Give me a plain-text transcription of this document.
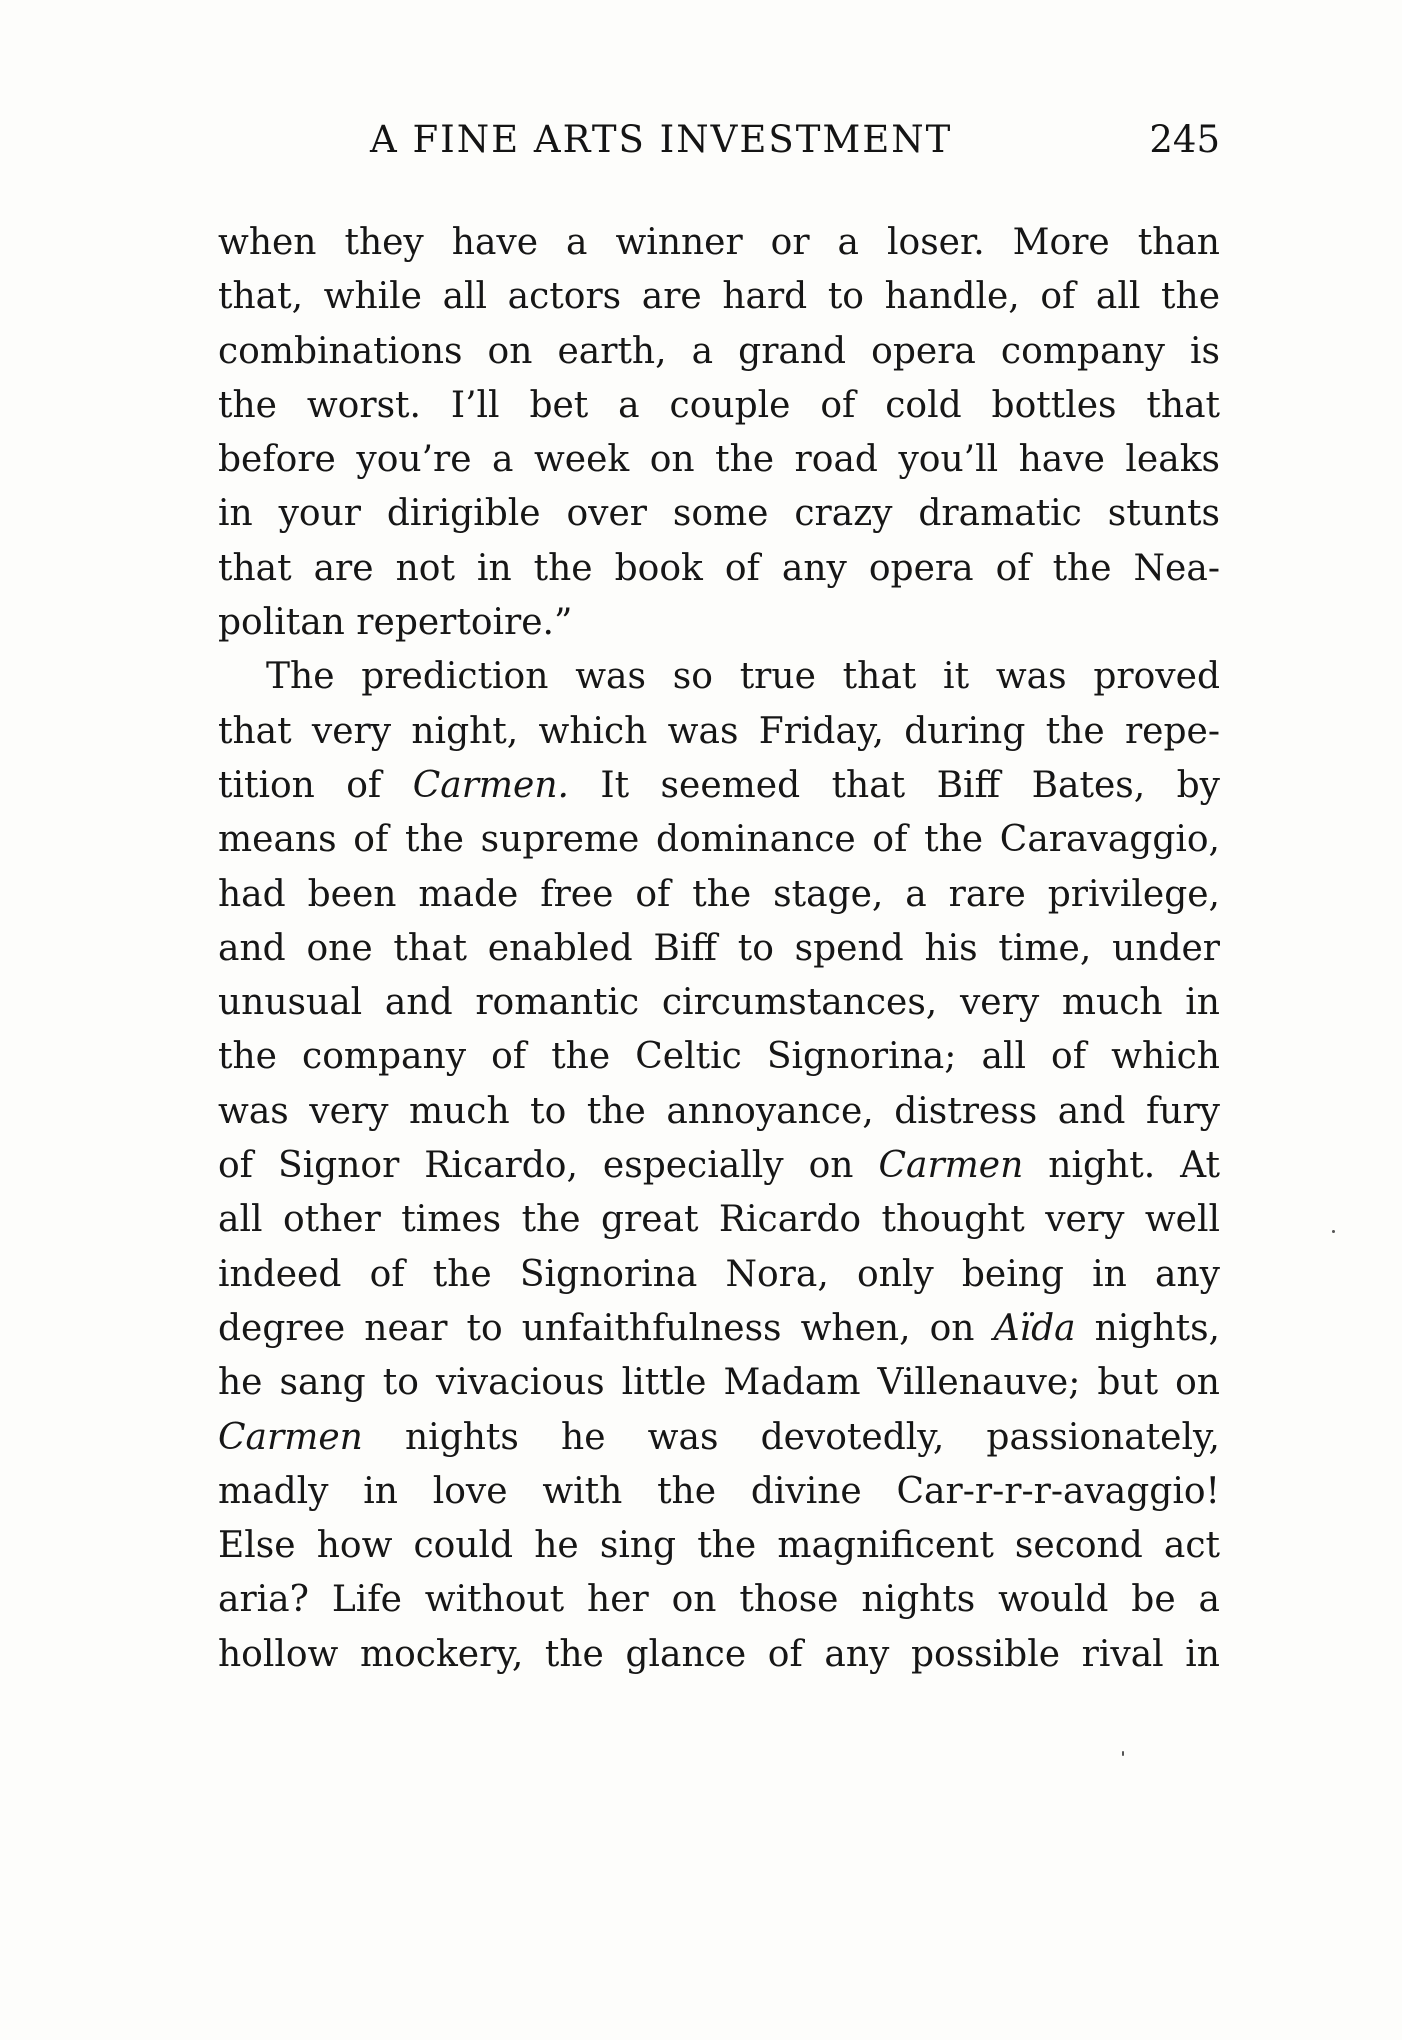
A FINE ARTS INVESTMENT	245
when they have a winner or a loser. More than
that, while all actors are hard to handle, of all the
combinations on earth, a grand opera company is
the worst. I’ll bet a couple of cold bottles that
before you’re a week on the road you’ll have leaks
in your dirigible over some crazy dramatic stunts
that are not in the book of any opera of the Nea-
politan repertoire.”
The prediction was so true that it was proved
that very night, which was Friday, during the repe-
tition of Carmen. It seemed that Biff Bates, by
means of the supreme dominance of the Caravaggio,
had been made free of the stage, a rare privilege,
and one that enabled Biff to spend his time, under
unusual and romantic circumstances, very much in
the company of the Celtic Signorina; all of which
was very much to the annoyance, distress and fury
of Signor Ricardo, especially on Carmen night. At
all other times the great Ricardo thought very well
indeed of the Signorina Nora, only being in any
degree near to unfaithfulness when, on Aïda nights,
he sang to vivacious little Madam Villenauve; but on
Carmen nights he was devotedly, passionately,
madly in love with the divine Car-r-r-r-avaggio!
Else how could he sing the magnificent second act
aria? Life without her on those nights would be a
hollow mockery, the glance of any possible rival in
